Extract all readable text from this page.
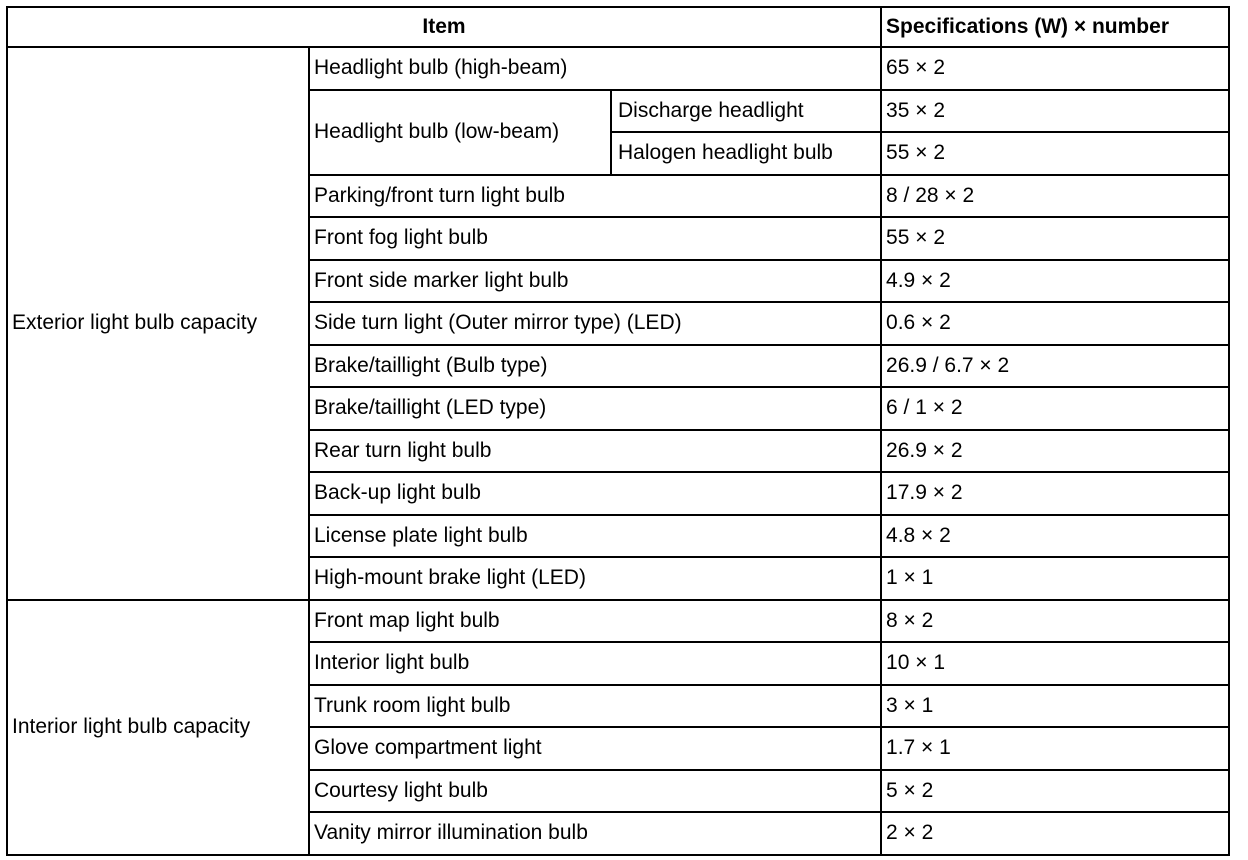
Item			Specifications (W) × number
Exterior light bulb capacity	Headlight bulb (high-beam)		65 × 2
	Headlight bulb (low-beam)	Discharge headlight	35 × 2
		Halogen headlight bulb	55 × 2
	Parking/front turn light bulb		8 / 28 × 2
	Front fog light bulb		55 × 2
	Front side marker light bulb		4.9 × 2
	Side turn light (Outer mirror type) (LED)		0.6 × 2
	Brake/taillight (Bulb type)		26.9 / 6.7 × 2
	Brake/taillight (LED type)		6 / 1 × 2
	Rear turn light bulb		26.9 × 2
	Back-up light bulb		17.9 × 2
	License plate light bulb		4.8 × 2
	High-mount brake light (LED)		1 × 1
Interior light bulb capacity	Front map light bulb		8 × 2
	Interior light bulb		10 × 1
	Trunk room light bulb		3 × 1
	Glove compartment light		1.7 × 1
	Courtesy light bulb		5 × 2
	Vanity mirror illumination bulb		2 × 2
